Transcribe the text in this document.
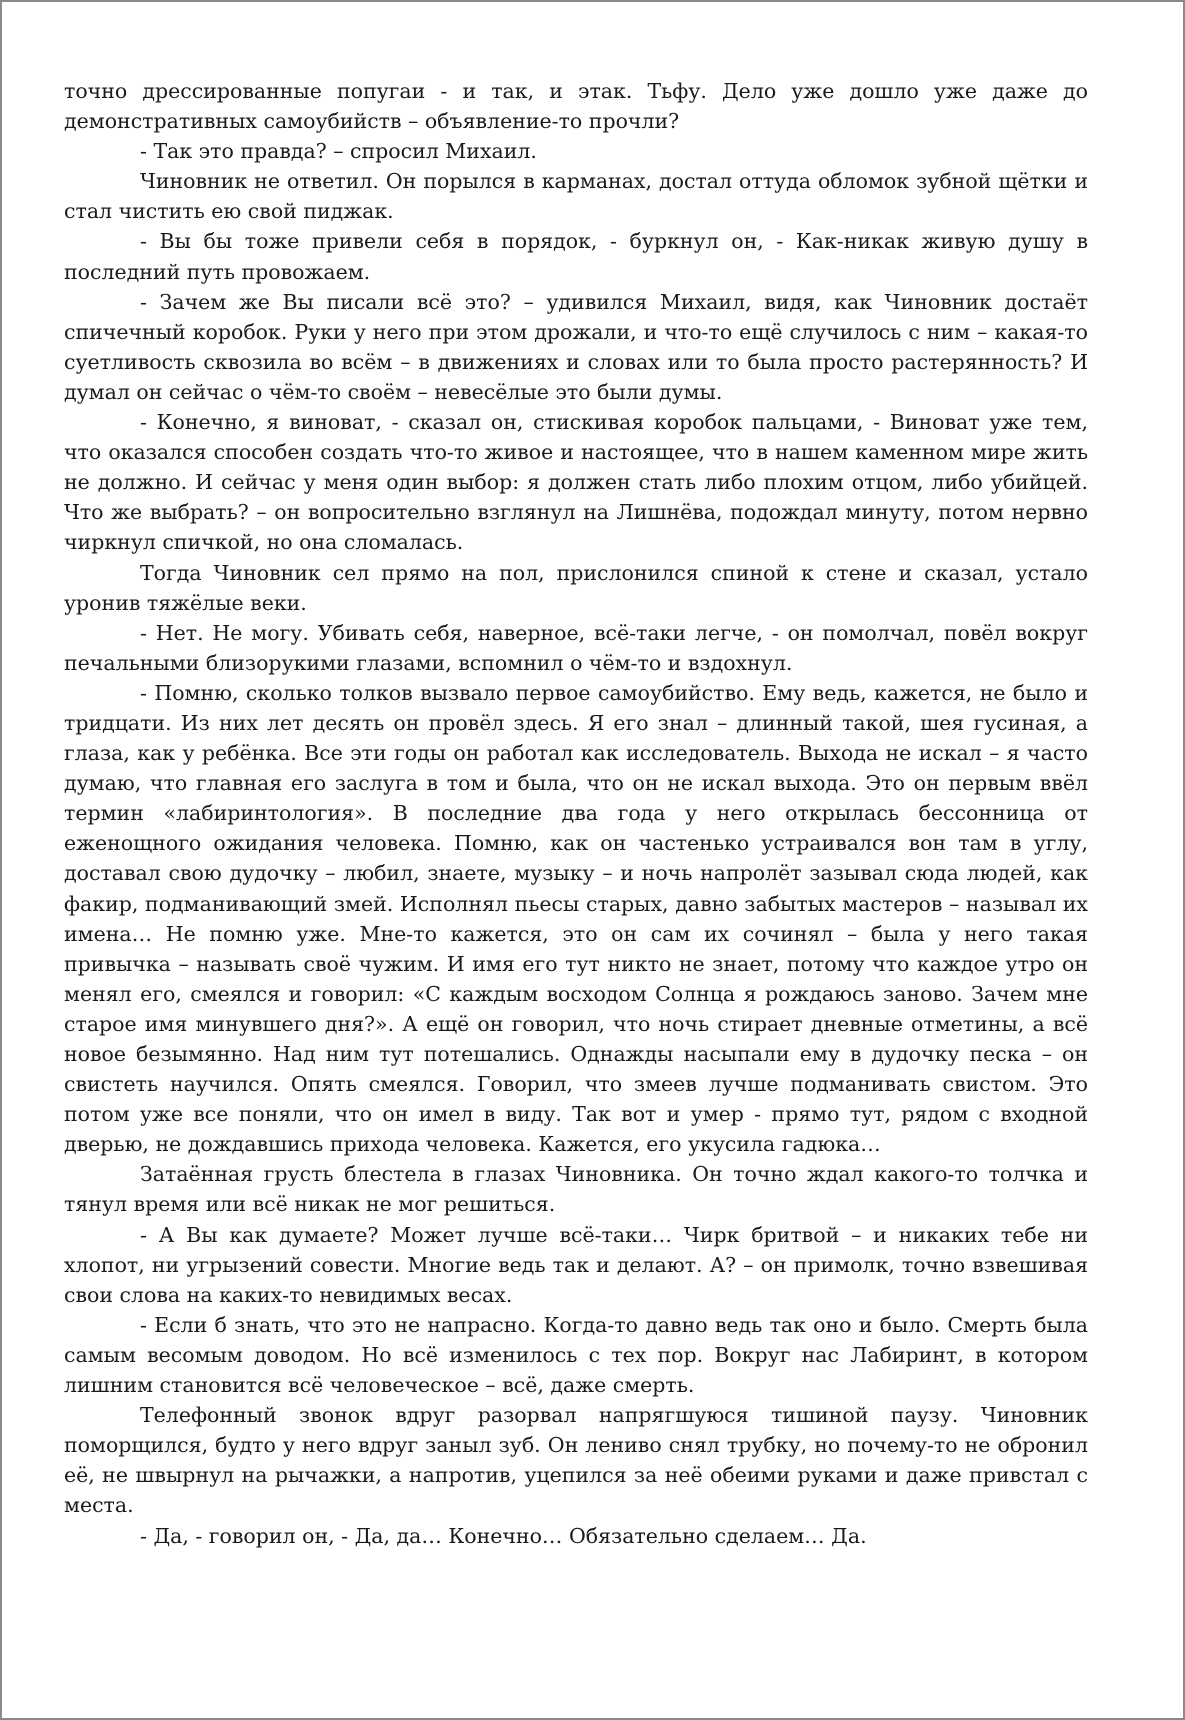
точно дрессированные попугаи - и так, и этак. Тьфу. Дело уже дошло уже даже до демонстративных самоубийств – объявление-то прочли?

- Так это правда? – спросил Михаил.

Чиновник не ответил. Он порылся в карманах, достал оттуда обломок зубной щётки и стал чистить ею свой пиджак.

- Вы бы тоже привели себя в порядок, - буркнул он, - Как-никак живую душу в последний путь провожаем.

- Зачем же Вы писали всё это? – удивился Михаил, видя, как Чиновник достаёт спичечный коробок. Руки у него при этом дрожали, и что-то ещё случилось с ним – какая-то суетливость сквозила во всём – в движениях и словах или то была просто растерянность? И думал он сейчас о чём-то своём – невесёлые это были думы.

- Конечно, я виноват, - сказал он, стискивая коробок пальцами, - Виноват уже тем, что оказался способен создать что-то живое и настоящее, что в нашем каменном мире жить не должно. И сейчас у меня один выбор: я должен стать либо плохим отцом, либо убийцей. Что же выбрать? – он вопросительно взглянул на Лишнёва, подождал минуту, потом нервно чиркнул спичкой, но она сломалась.

Тогда Чиновник сел прямо на пол, прислонился спиной к стене и сказал, устало уронив тяжёлые веки.

- Нет. Не могу. Убивать себя, наверное, всё-таки легче, - он помолчал, повёл вокруг печальными близорукими глазами, вспомнил о чём-то и вздохнул.

- Помню, сколько толков вызвало первое самоубийство. Ему ведь, кажется, не было и тридцати. Из них лет десять он провёл здесь. Я его знал – длинный такой, шея гусиная, а глаза, как у ребёнка. Все эти годы он работал как исследователь. Выхода не искал – я часто думаю, что главная его заслуга в том и была, что он не искал выхода. Это он первым ввёл термин «лабиринтология». В последние два года у него открылась бессонница от еженощного ожидания человека. Помню, как он частенько устраивался вон там в углу, доставал свою дудочку – любил, знаете, музыку – и ночь напролёт зазывал сюда людей, как факир, подманивающий змей. Исполнял пьесы старых, давно забытых мастеров – называл их имена… Не помню уже. Мне-то кажется, это он сам их сочинял – была у него такая привычка – называть своё чужим. И имя его тут никто не знает, потому что каждое утро он менял его, смеялся и говорил: «С каждым восходом Солнца я рождаюсь заново. Зачем мне старое имя минувшего дня?». А ещё он говорил, что ночь стирает дневные отметины, а всё новое безымянно. Над ним тут потешались. Однажды насыпали ему в дудочку песка – он свистеть научился. Опять смеялся. Говорил, что змеев лучше подманивать свистом. Это потом уже все поняли, что он имел в виду. Так вот и умер - прямо тут, рядом с входной дверью, не дождавшись прихода человека. Кажется, его укусила гадюка…

Затаённая грусть блестела в глазах Чиновника. Он точно ждал какого-то толчка и тянул время или всё никак не мог решиться.

- А Вы как думаете? Может лучше всё-таки… Чирк бритвой – и никаких тебе ни хлопот, ни угрызений совести. Многие ведь так и делают. А? – он примолк, точно взвешивая свои слова на каких-то невидимых весах.

- Если б знать, что это не напрасно. Когда-то давно ведь так оно и было. Смерть была самым весомым доводом. Но всё изменилось с тех пор. Вокруг нас Лабиринт, в котором лишним становится всё человеческое – всё, даже смерть.

Телефонный звонок вдруг разорвал напрягшуюся тишиной паузу. Чиновник поморщился, будто у него вдруг заныл зуб. Он лениво снял трубку, но почему-то не обронил её, не швырнул на рычажки, а напротив, уцепился за неё обеими руками и даже привстал с места.

- Да, - говорил он, - Да, да… Конечно… Обязательно сделаем… Да.
